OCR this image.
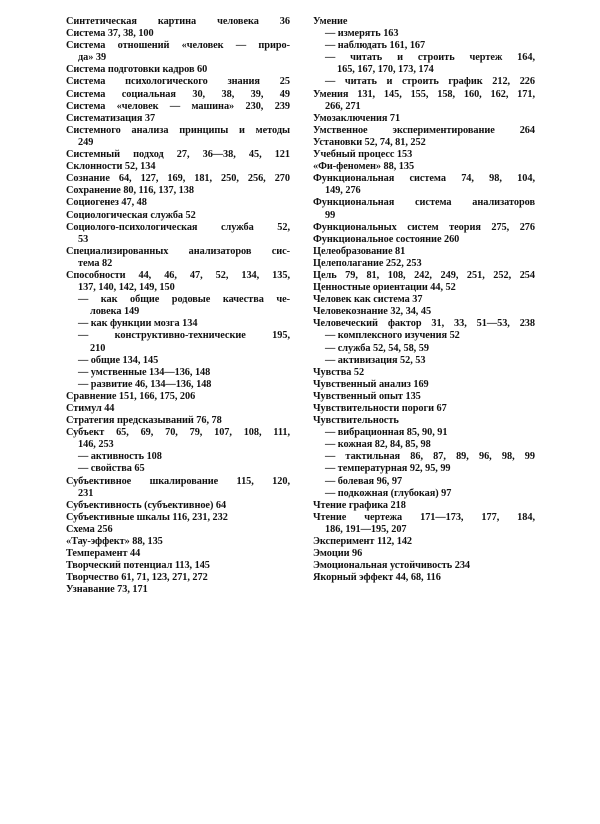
Синтетическая картина человека 36
Система 37, 38, 100
Система отношений «человек — приро-
да» 39
Система подготовки кадров 60
Система психологического знания 25
Система социальная 30, 38, 39, 49
Система «человек — машина» 230, 239
Систематизация 37
Системного анализа принципы и методы
249
Системный подход 27, 36—38, 45, 121
Склонности 52, 134
Сознание 64, 127, 169, 181, 250, 256, 270
Сохранение 80, 116, 137, 138
Социогенез 47, 48
Социологическая служба 52
Социолого-психологическая служба 52,
53
Специализированных анализаторов сис-
тема 82
Способности 44, 46, 47, 52, 134, 135,
137, 140, 142, 149, 150
— как общие родовые качества че-
ловека 149
— как функции мозга 134
— конструктивно-технические 195,
210
— общие 134, 145
— умственные 134—136, 148
— развитие 46, 134—136, 148
Сравнение 151, 166, 175, 206
Стимул 44
Стратегия предсказываний 76, 78
Субъект 65, 69, 70, 79, 107, 108, 111,
146, 253
— активность 108
— свойства 65
Субъективное шкалирование 115, 120,
231
Субъективность (субъективное) 64
Субъективные шкалы 116, 231, 232
Схема 256
«Тау-эффект» 88, 135
Темперамент 44
Творческий потенциал 113, 145
Творчество 61, 71, 123, 271, 272
Узнавание 73, 171
Умение
— измерять 163
— наблюдать 161, 167
— читать и строить чертеж 164,
165, 167, 170, 173, 174
— читать и строить график 212, 226
Умения 131, 145, 155, 158, 160, 162, 171,
266, 271
Умозаключения 71
Умственное экспериментирование 264
Установки 52, 74, 81, 252
Учебный процесс 153
«Фи-феномен» 88, 135
Функциональная система 74, 98, 104,
149, 276
Функциональная система анализаторов
99
Функциональных систем теория 275, 276
Функциональное состояние 260
Целеобразование 81
Целеполагание 252, 253
Цель 79, 81, 108, 242, 249, 251, 252, 254
Ценностные ориентации 44, 52
Человек как система 37
Человекознание 32, 34, 45
Человеческий фактор 31, 33, 51—53, 238
— комплексного изучения 52
— служба 52, 54, 58, 59
— активизация 52, 53
Чувства 52
Чувственный анализ 169
Чувственный опыт 135
Чувствительности пороги 67
Чувствительность
— вибрационная 85, 90, 91
— кожная 82, 84, 85, 98
— тактильная 86, 87, 89, 96, 98, 99
— температурная 92, 95, 99
— болевая 96, 97
— подкожная (глубокая) 97
Чтение графика 218
Чтение чертежа 171—173, 177, 184,
186, 191—195, 207
Эксперимент 112, 142
Эмоции 96
Эмоциональная устойчивость 234
Якорный эффект 44, 68, 116
